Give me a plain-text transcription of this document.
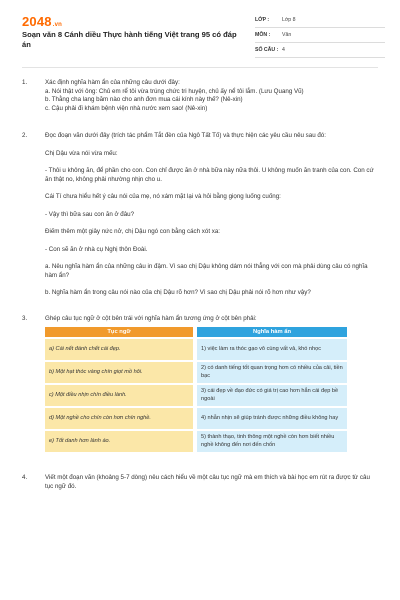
2048.vn
Soạn văn 8 Cánh diều Thực hành tiếng Việt trang 95 có đáp án
LỚP :	Lớp 8
MÔN :	Văn
SỐ CÂU : 4
1.	Xác định nghĩa hàm ẩn của những câu dưới đây:
a. Nói thật với ông: Chủ em rể tôi vừa trúng chức tri huyện, chủ ấy nể tôi lắm. (Lưu Quang Vũ)
b. Thằng cha lang băm nào cho anh đơn mua cái kính này thế? (Nê-xin)
c. Cậu phải đi khám bệnh viện nhà nước xem sao! (Nê-xin)
2.	Đọc đoạn văn dưới đây (trích tác phẩm Tắt đèn của Ngô Tất Tố) và thực hiện các yêu cầu nêu sau đó:
Chị Dậu vừa nói vừa mếu:
- Thôi u không ăn, để phần cho con. Con chỉ được ăn ở nhà bữa này nữa thôi. U không muốn ăn tranh của con. Con cứ ăn thật no, không phải nhường nhịn cho u.
Cái Tí chưa hiểu hết ý câu nói của mẹ, nó xám mặt lại và hỏi bằng giọng luống cuống:
- Vậy thì bữa sau con ăn ở đâu?
Điếm thêm một giây nức nở, chị Dậu ngó con bằng cách xót xa:
- Con sẽ ăn ở nhà cụ Nghị thôn Đoài.
a. Nêu nghĩa hàm ẩn của những câu in đậm. Vì sao chị Dậu không dám nói thẳng với con mà phải dùng câu có nghĩa hàm ẩn?
b. Nghĩa hàm ẩn trong câu nói nào của chị Dậu rõ hơn? Vì sao chị Dậu phải nói rõ hơn như vậy?
3.	Ghép câu tục ngữ ở cột bên trái với nghĩa hàm ẩn tương ứng ở cột bên phải:
Tục ngữ	Nghĩa hàm ẩn
a) Cái nết đánh chết cái đẹp.	1) việc làm ra thóc gạo vô cùng vất vả, khó nhọc
b) Một hạt thóc vàng chín giọt mồ hôi.	2) có danh tiếng tốt quan trọng hơn có nhiều của cải, tiền bạc
c) Một điều nhịn chín điều lành.	3) cái đẹp về đạo đức có giá trị cao hơn hẳn cái đẹp bề ngoài
d) Một nghề cho chín còn hơn chín nghề.	4) nhẫn nhịn sẽ giúp tránh được những điều không hay
e) Tốt danh hơn lành áo.	5) thành thạo, tinh thông một nghề còn hơn biết nhiều nghề không đến nơi đến chốn
4.	Viết một đoạn văn (khoảng 5-7 dòng) nêu cách hiểu về một câu tục ngữ mà em thích và bài học em rút ra được từ câu tục ngữ đó.
